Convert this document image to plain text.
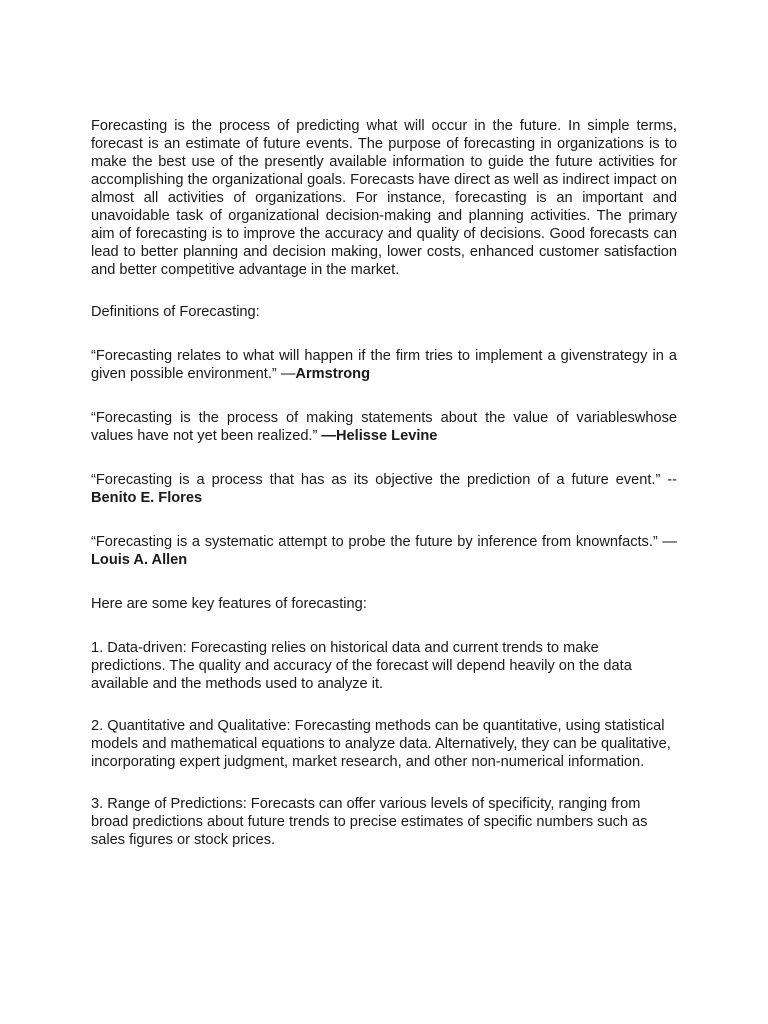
Forecasting is the process of predicting what will occur in the future. In simple terms, forecast is an estimate of future events. The purpose of forecasting in organizations is to make the best use of the presently available information to guide the future activities for accomplishing the organizational goals. Forecasts have direct as well as indirect impact on almost all activities of organizations. For instance, forecasting is an important and unavoidable task of organizational decision-making and planning activities. The primary aim of forecasting is to improve the accuracy and quality of decisions. Good forecasts can lead to better planning and decision making, lower costs, enhanced customer satisfaction and better competitive advantage in the market.

Definitions of Forecasting:

“Forecasting relates to what will happen if the firm tries to implement a givenstrategy in a given possible environment.” —Armstrong

“Forecasting is the process of making statements about the value of variableswhose values have not yet been realized.” —Helisse Levine

“Forecasting is a process that has as its objective the prediction of a future event.” --Benito E. Flores

“Forecasting is a systematic attempt to probe the future by inference from knownfacts.” —Louis A. Allen

Here are some key features of forecasting:

1. Data-driven: Forecasting relies on historical data and current trends to make predictions. The quality and accuracy of the forecast will depend heavily on the data available and the methods used to analyze it.

2. Quantitative and Qualitative: Forecasting methods can be quantitative, using statistical models and mathematical equations to analyze data. Alternatively, they can be qualitative, incorporating expert judgment, market research, and other non-numerical information.

3. Range of Predictions: Forecasts can offer various levels of specificity, ranging from broad predictions about future trends to precise estimates of specific numbers such as sales figures or stock prices.
